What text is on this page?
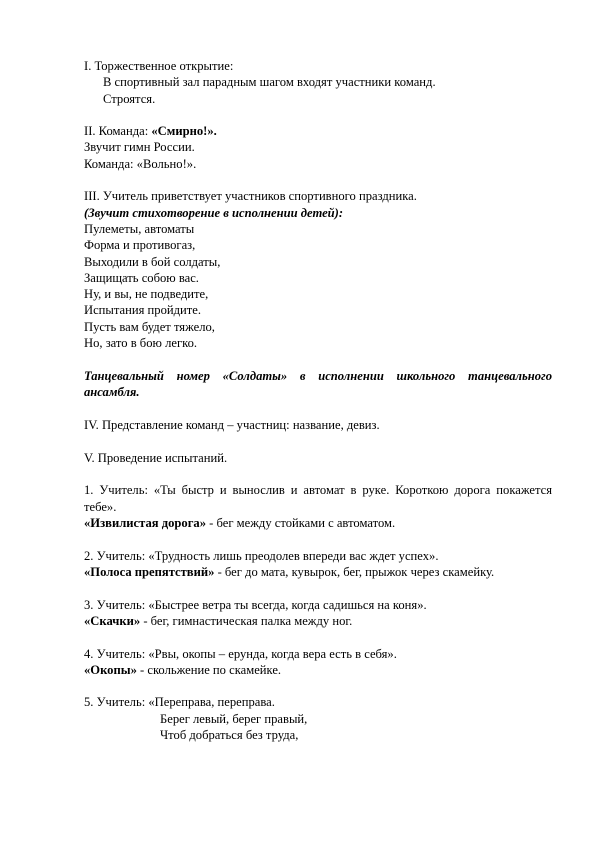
I. Торжественное открытие:
В спортивный зал парадным шагом входят участники команд.
Строятся.
II. Команда: «Смирно!».
Звучит гимн России.
Команда: «Вольно!».
III. Учитель приветствует участников спортивного праздника.
(Звучит стихотворение в исполнении детей):
Пулеметы, автоматы
Форма и противогаз,
Выходили в бой солдаты,
Защищать собою вас.
Ну, и вы, не подведите,
Испытания пройдите.
Пусть вам будет тяжело,
Но, зато в бою легко.
Танцевальный номер «Солдаты» в исполнении школьного танцевального ансамбля.
IV. Представление команд – участниц: название, девиз.
V. Проведение испытаний.
1. Учитель: «Ты быстр и вынослив и автомат в руке. Короткою дорога покажется тебе».
«Извилистая дорога» - бег между стойками с автоматом.
2. Учитель: «Трудность лишь преодолев впереди вас ждет успех».
«Полоса препятствий» - бег до мата, кувырок, бег, прыжок через скамейку.
3. Учитель: «Быстрее ветра ты всегда, когда садишься на коня».
«Скачки» - бег, гимнастическая палка между ног.
4. Учитель: «Рвы, окопы – ерунда, когда вера есть в себя».
«Окопы» - скольжение по скамейке.
5. Учитель: «Переправа, переправа.
Берег левый, берег правый,
Чтоб добраться без труда,
